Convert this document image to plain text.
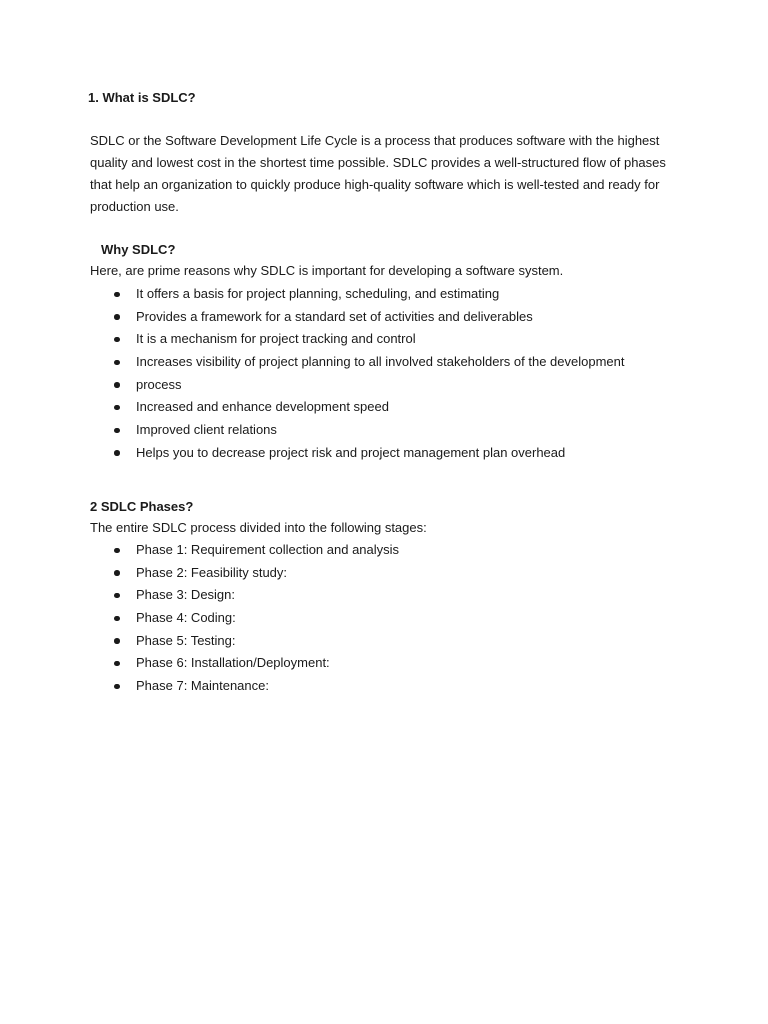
1. What is SDLC?

SDLC or the Software Development Life Cycle is a process that produces software with the highest quality and lowest cost in the shortest time possible. SDLC provides a well-structured flow of phases that help an organization to quickly produce high-quality software which is well-tested and ready for production use.

Why SDLC?
Here, are prime reasons why SDLC is important for developing a software system.
It offers a basis for project planning, scheduling, and estimating
Provides a framework for a standard set of activities and deliverables
It is a mechanism for project tracking and control
Increases visibility of project planning to all involved stakeholders of the development
process
Increased and enhance development speed
Improved client relations
Helps you to decrease project risk and project management plan overhead
2 SDLC Phases?
The entire SDLC process divided into the following stages:
Phase 1: Requirement collection and analysis
Phase 2: Feasibility study:
Phase 3: Design:
Phase 4: Coding:
Phase 5: Testing:
Phase 6: Installation/Deployment:
Phase 7: Maintenance:
